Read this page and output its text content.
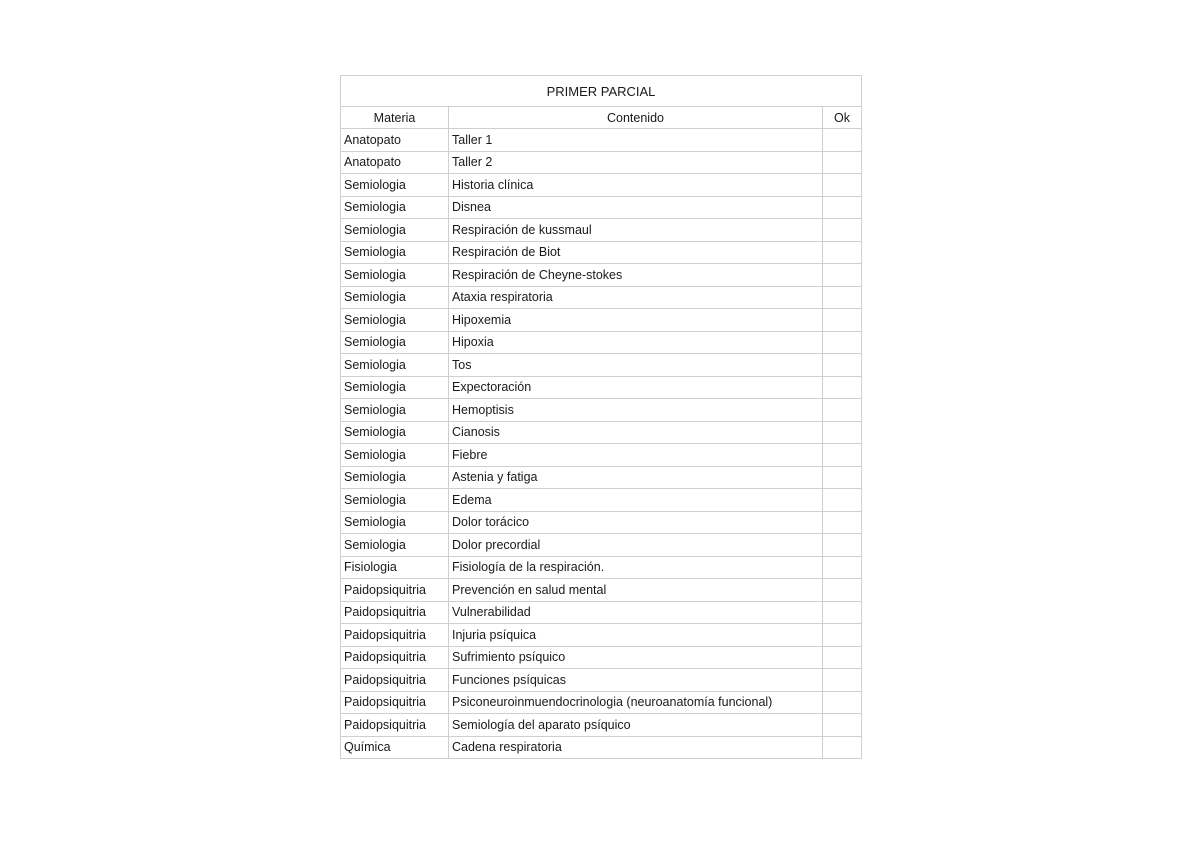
PRIMER PARCIAL		
Materia	Contenido	Ok
Anatopato	Taller 1	
Anatopato	Taller 2	
Semiologia	Historia clínica	
Semiologia	Disnea	
Semiologia	Respiración de kussmaul	
Semiologia	Respiración de Biot	
Semiologia	Respiración de Cheyne-stokes	
Semiologia	Ataxia respiratoria	
Semiologia	Hipoxemia	
Semiologia	Hipoxia	
Semiologia	Tos	
Semiologia	Expectoración	
Semiologia	Hemoptisis	
Semiologia	Cianosis	
Semiologia	Fiebre	
Semiologia	Astenia y fatiga	
Semiologia	Edema	
Semiologia	Dolor torácico	
Semiologia	Dolor precordial	
Fisiologia	Fisiología de la respiración.	
Paidopsiquitria	Prevención en salud mental	
Paidopsiquitria	Vulnerabilidad	
Paidopsiquitria	Injuria psíquica	
Paidopsiquitria	Sufrimiento psíquico	
Paidopsiquitria	Funciones psíquicas	
Paidopsiquitria	Psiconeuroinmuendocrinologia (neuroanatomía funcional)	
Paidopsiquitria	Semiología del aparato psíquico	
Química	Cadena respiratoria	
